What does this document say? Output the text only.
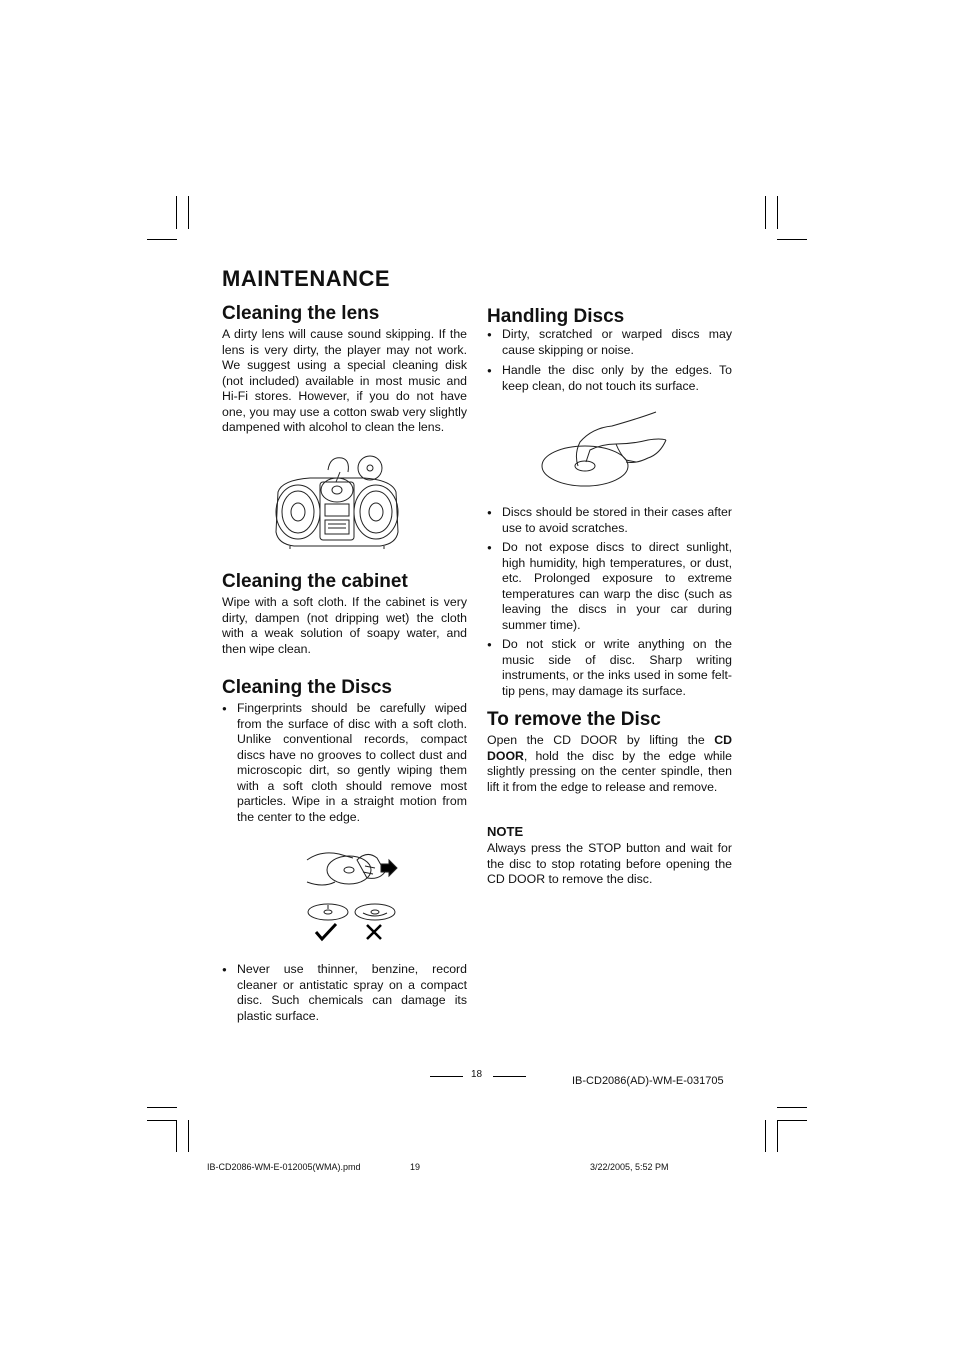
MAINTENANCE
Cleaning the lens

A dirty lens will cause sound skipping. If the lens is very dirty, the player may not work. We suggest using a special cleaning disk (not included) available in most music and Hi-Fi stores. However, if you do not have one, you may use a cotton swab very slightly dampened with alcohol to clean the lens.

Cleaning the cabinet

Wipe with a soft cloth. If the cabinet is very dirty, dampen (not dripping wet) the cloth with a weak solution of soapy water, and then wipe clean.

Cleaning the Discs

● Fingerprints should be carefully wiped from the surface of disc with a soft cloth. Unlike conventional records, compact discs have no grooves to collect dust and microscopic dirt, so gently wiping them with a soft cloth should remove most particles. Wipe in a straight motion from the center to the edge.

● Never use thinner, benzine, record cleaner or antistatic spray on a compact disc. Such chemicals can damage its plastic surface.

Handling Discs

● Dirty, scratched or warped discs may cause skipping or noise.

● Handle the disc only by the edges. To keep clean, do not touch its surface.

● Discs should be stored in their cases after use to avoid scratches.

● Do not expose discs to direct sunlight, high humidity, high temperatures, or dust, etc. Prolonged exposure to extreme temperatures can warp the disc (such as leaving the discs in your car during summer time).

● Do not stick or write anything on the music side of disc. Sharp writing instruments, or the inks used in some felt-tip pens, may damage its surface.

To remove the Disc

Open the CD DOOR by lifting the CD DOOR, hold the disc by the edge while slightly pressing on the center spindle, then lift it from the edge to release and remove.

NOTE

Always press the STOP button and wait for the disc to stop rotating before opening the CD DOOR to remove the disc.

18
IB-CD2086(AD)-WM-E-031705
IB-CD2086-WM-E-012005(WMA).pmd	19	3/22/2005, 5:52 PM
